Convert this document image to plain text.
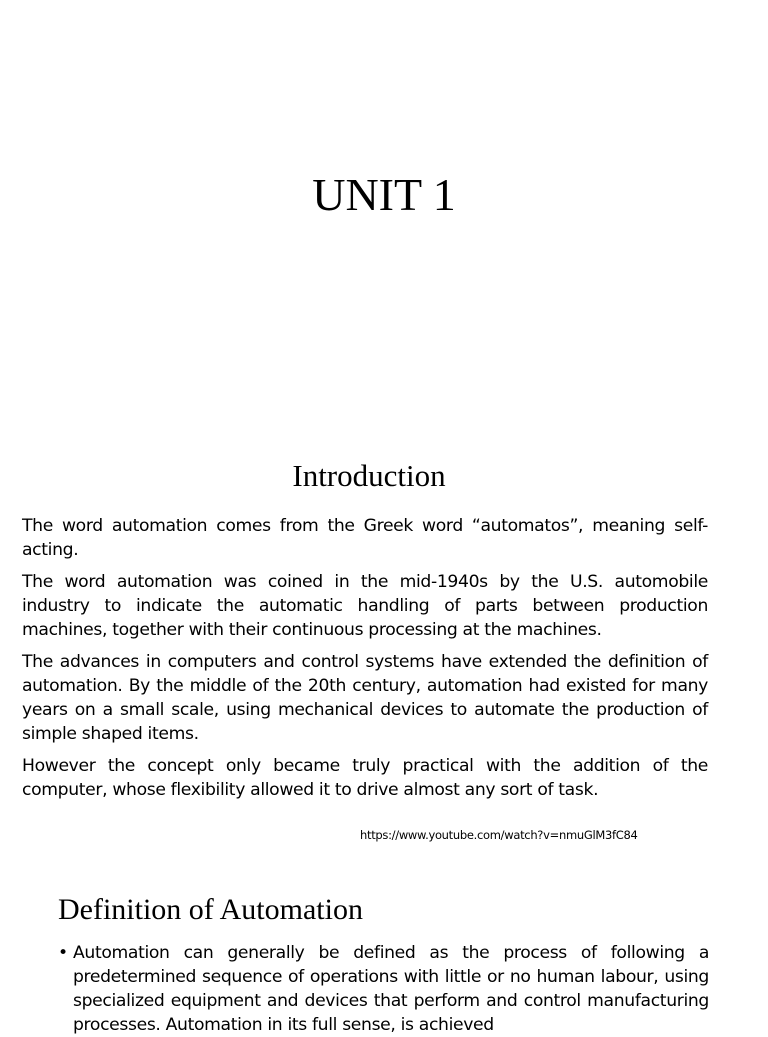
UNIT 1
Introduction

The word automation comes from the Greek word “automatos”, meaning self-acting.

The word automation was coined in the mid-1940s by the U.S. automobile industry to indicate the automatic handling of parts between production machines, together with their continuous processing at the machines.

The advances in computers and control systems have extended the definition of automation. By the middle of the 20th century, automation had existed for many years on a small scale, using mechanical devices to automate the production of simple shaped items.

However the concept only became truly practical with the addition of the computer, whose flexibility allowed it to drive almost any sort of task.

https://www.youtube.com/watch?v=nmuGlM3fC84
Definition of Automation
• Automation can generally be defined as the process of following a predetermined sequence of operations with little or no human labour, using specialized equipment and devices that perform and control manufacturing processes. Automation in its full sense, is achieved
